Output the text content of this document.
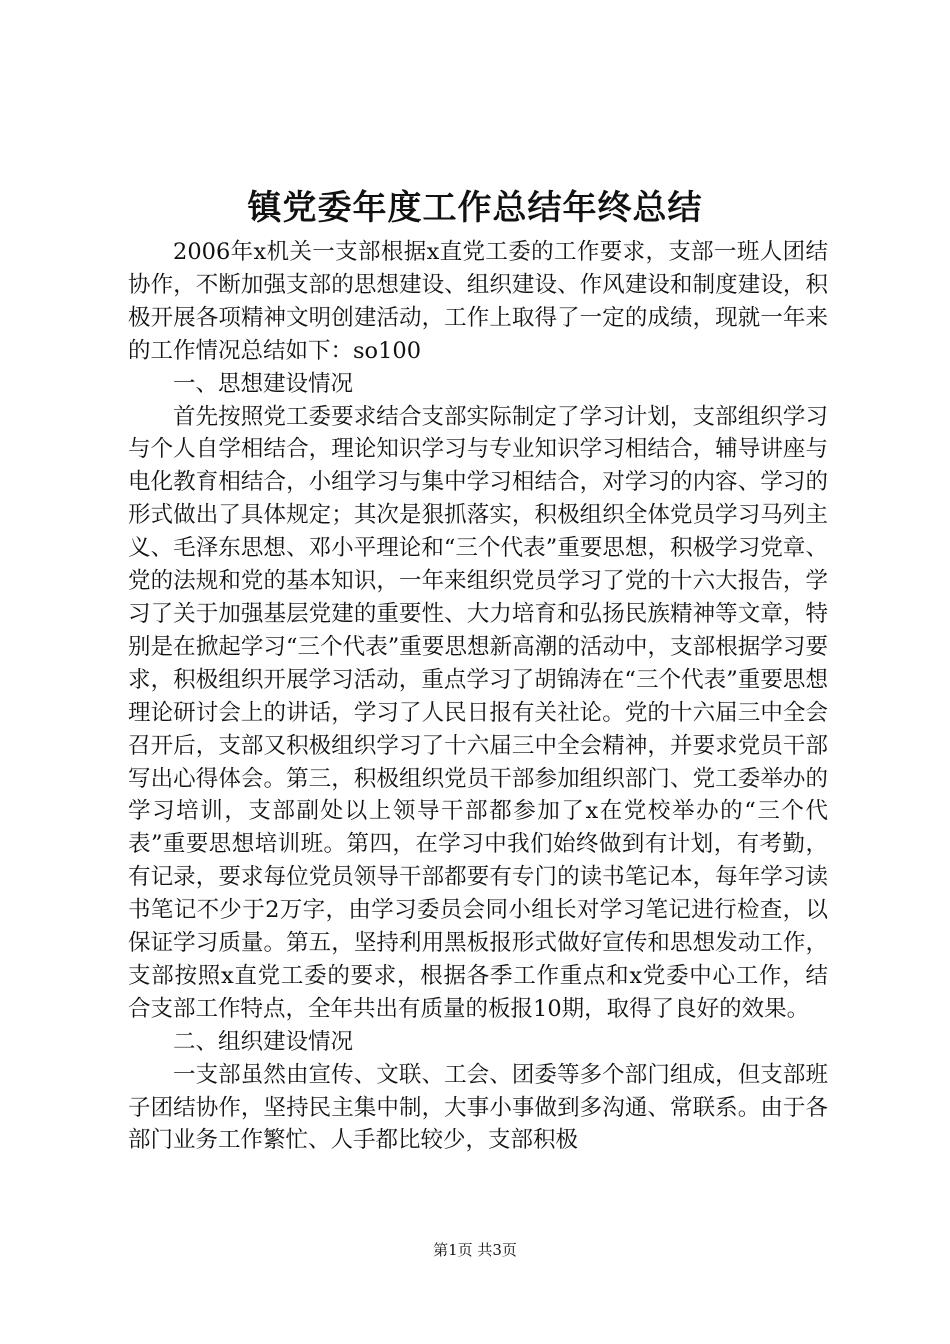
镇党委年度工作总结年终总结

2006年x机关一支部根据x直党工委的工作要求，支部一班人团结协作，不断加强支部的思想建设、组织建设、作风建设和制度建设，积极开展各项精神文明创建活动，工作上取得了一定的成绩，现就一年来的工作情况总结如下：so100

一、思想建设情况

首先按照党工委要求结合支部实际制定了学习计划，支部组织学习与个人自学相结合，理论知识学习与专业知识学习相结合，辅导讲座与电化教育相结合，小组学习与集中学习相结合，对学习的内容、学习的形式做出了具体规定；其次是狠抓落实，积极组织全体党员学习马列主义、毛泽东思想、邓小平理论和“三个代表”重要思想，积极学习党章、党的法规和党的基本知识，一年来组织党员学习了党的十六大报告，学习了关于加强基层党建的重要性、大力培育和弘扬民族精神等文章，特别是在掀起学习“三个代表”重要思想新高潮的活动中，支部根据学习要求，积极组织开展学习活动，重点学习了胡锦涛在“三个代表”重要思想理论研讨会上的讲话，学习了人民日报有关社论。党的十六届三中全会召开后，支部又积极组织学习了十六届三中全会精神，并要求党员干部写出心得体会。第三，积极组织党员干部参加组织部门、党工委举办的学习培训，支部副处以上领导干部都参加了x在党校举办的“三个代表”重要思想培训班。第四，在学习中我们始终做到有计划，有考勤，有记录，要求每位党员领导干部都要有专门的读书笔记本，每年学习读书笔记不少于2万字，由学习委员会同小组长对学习笔记进行检查，以保证学习质量。第五，坚持利用黑板报形式做好宣传和思想发动工作，支部按照x直党工委的要求，根据各季工作重点和x党委中心工作，结合支部工作特点，全年共出有质量的板报10期，取得了良好的效果。

二、组织建设情况

一支部虽然由宣传、文联、工会、团委等多个部门组成，但支部班子团结协作，坚持民主集中制，大事小事做到多沟通、常联系。由于各部门业务工作繁忙、人手都比较少，支部积极

第1页 共3页
